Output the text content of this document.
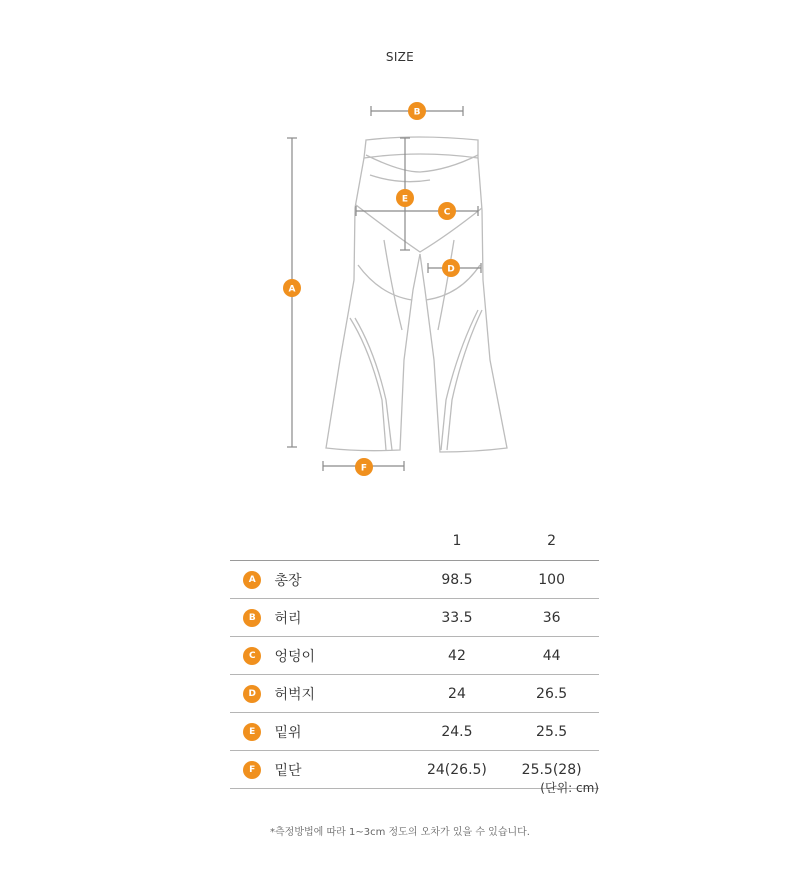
SIZE
A
B
E
C
D
F
		1	2
A	총장	98.5	100
B	허리	33.5	36
C	엉덩이	42	44
D	허벅지	24	26.5
E	밑위	24.5	25.5
F	밑단	24(26.5)	25.5(28)
(단위: cm)
*측정방법에 따라 1~3cm 정도의 오차가 있을 수 있습니다.
